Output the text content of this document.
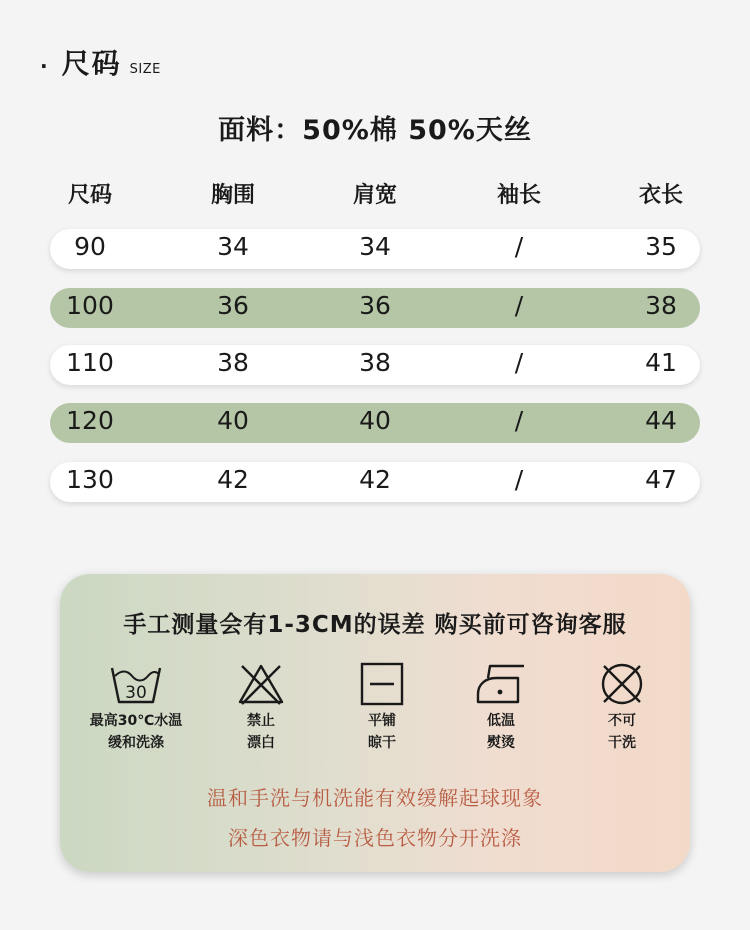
· 尺码 SIZE
面料：50%棉 50%天丝
尺码	胸围	肩宽	袖长	衣长
90	34	34	/	35
100	36	36	/	38
110	38	38	/	41
120	40	40	/	44
130	42	42	/	47
手工测量会有1-3CM的误差 购买前可咨询客服
30
最高30℃水温
缓和洗涤
禁止
漂白
平铺
晾干
低温
熨烫
不可
干洗
温和手洗与机洗能有效缓解起球现象
深色衣物请与浅色衣物分开洗涤
